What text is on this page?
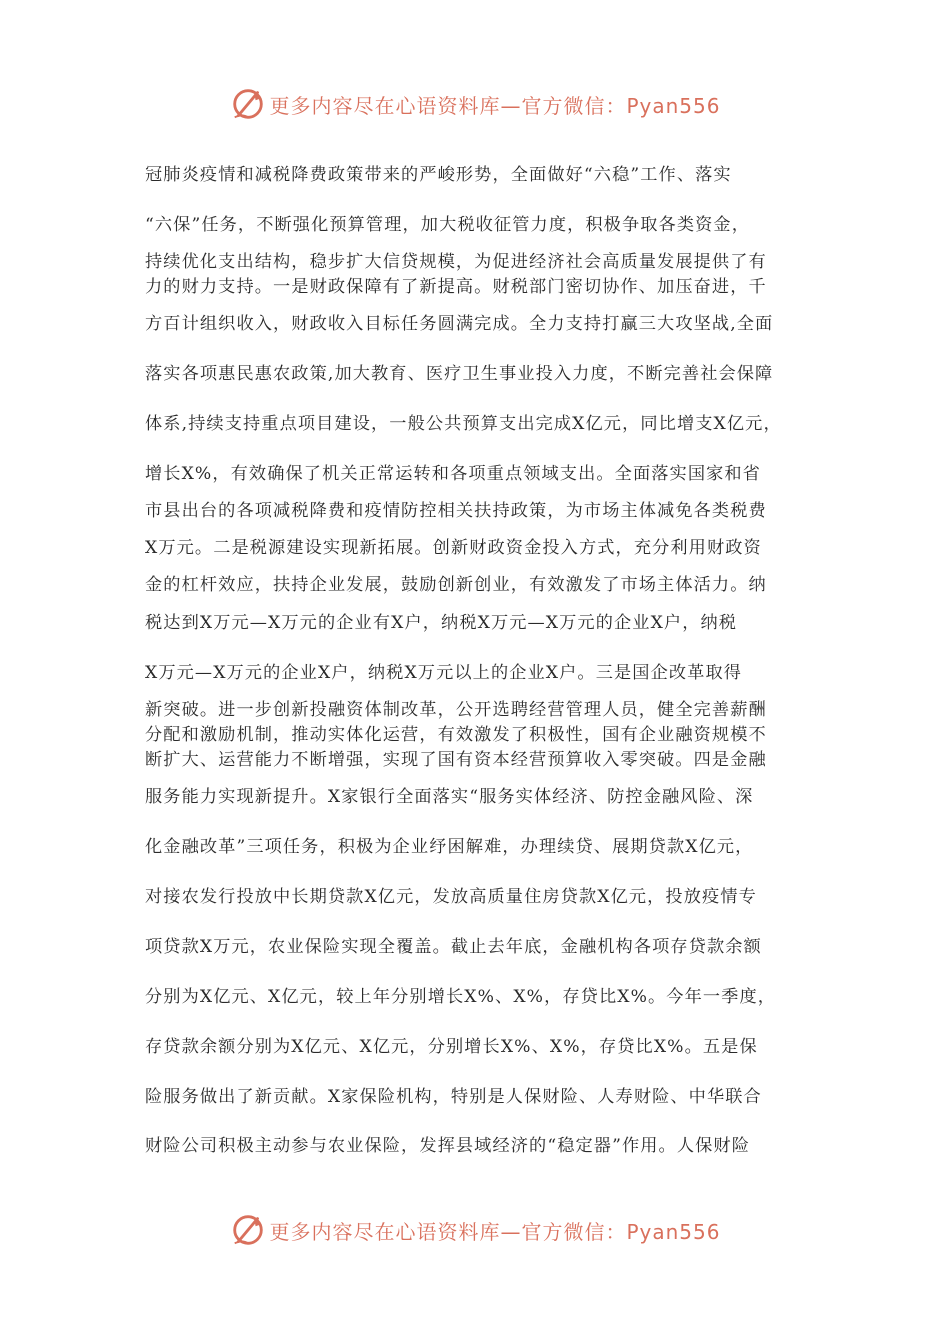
更多内容尽在心语资料库—官方微信：Pyan556
冠肺炎疫情和减税降费政策带来的严峻形势，全面做好“六稳”工作、落实
“六保”任务，不断强化预算管理，加大税收征管力度，积极争取各类资金，
持续优化支出结构，稳步扩大信贷规模，为促进经济社会高质量发展提供了有
力的财力支持。一是财政保障有了新提高。财税部门密切协作、加压奋进，千
方百计组织收入，财政收入目标任务圆满完成。全力支持打赢三大攻坚战,全面
落实各项惠民惠农政策,加大教育、医疗卫生事业投入力度，不断完善社会保障
体系,持续支持重点项目建设，一般公共预算支出完成X亿元，同比增支X亿元，
增长X%，有效确保了机关正常运转和各项重点领域支出。全面落实国家和省
市县出台的各项减税降费和疫情防控相关扶持政策，为市场主体减免各类税费
X万元。二是税源建设实现新拓展。创新财政资金投入方式，充分利用财政资
金的杠杆效应，扶持企业发展，鼓励创新创业，有效激发了市场主体活力。纳
税达到X万元—X万元的企业有X户，纳税X万元—X万元的企业X户，纳税
X万元—X万元的企业X户，纳税X万元以上的企业X户。三是国企改革取得
新突破。进一步创新投融资体制改革，公开选聘经营管理人员，健全完善薪酬
分配和激励机制，推动实体化运营，有效激发了积极性，国有企业融资规模不
断扩大、运营能力不断增强，实现了国有资本经营预算收入零突破。四是金融
服务能力实现新提升。X家银行全面落实“服务实体经济、防控金融风险、深
化金融改革”三项任务，积极为企业纾困解难，办理续贷、展期贷款X亿元，
对接农发行投放中长期贷款X亿元，发放高质量住房贷款X亿元，投放疫情专
项贷款X万元，农业保险实现全覆盖。截止去年底，金融机构各项存贷款余额
分别为X亿元、X亿元，较上年分别增长X%、X%，存贷比X%。今年一季度，
存贷款余额分别为X亿元、X亿元，分别增长X%、X%，存贷比X%。五是保
险服务做出了新贡献。X家保险机构，特别是人保财险、人寿财险、中华联合
财险公司积极主动参与农业保险，发挥县域经济的“稳定器”作用。人保财险
更多内容尽在心语资料库—官方微信：Pyan556
